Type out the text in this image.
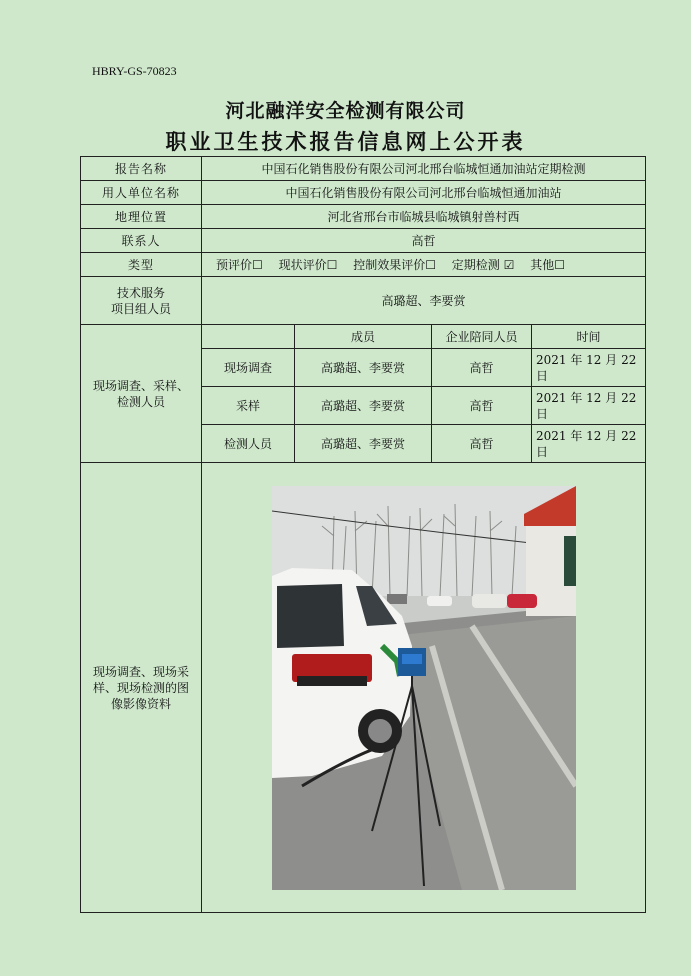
HBRY-GS-70823
河北融洋安全检测有限公司
职业卫生技术报告信息网上公开表
报告名称	中国石化销售股份有限公司河北邢台临城恒通加油站定期检测			
用人单位名称	中国石化销售股份有限公司河北邢台临城恒通加油站			
地理位置	河北省邢台市临城县临城镇射兽村西			
联系人	高哲			
类型	预评价☐ 现状评价☐ 控制效果评价☐ 定期检测 ☑ 其他☐			

技术服务
项目组人员	高璐超、李要赏			

现场调查、采样、
检测人员		成员	企业陪同人员	时间
	现场调查	高璐超、李要赏	高哲	2021 年 12 月 22
日

	采样	高璐超、李要赏	高哲	2021 年 12 月 22
日

	检测人员	高璐超、李要赏	高哲	2021 年 12 月 22
日

现场调查、现场采
样、现场检测的图
像影像资料
